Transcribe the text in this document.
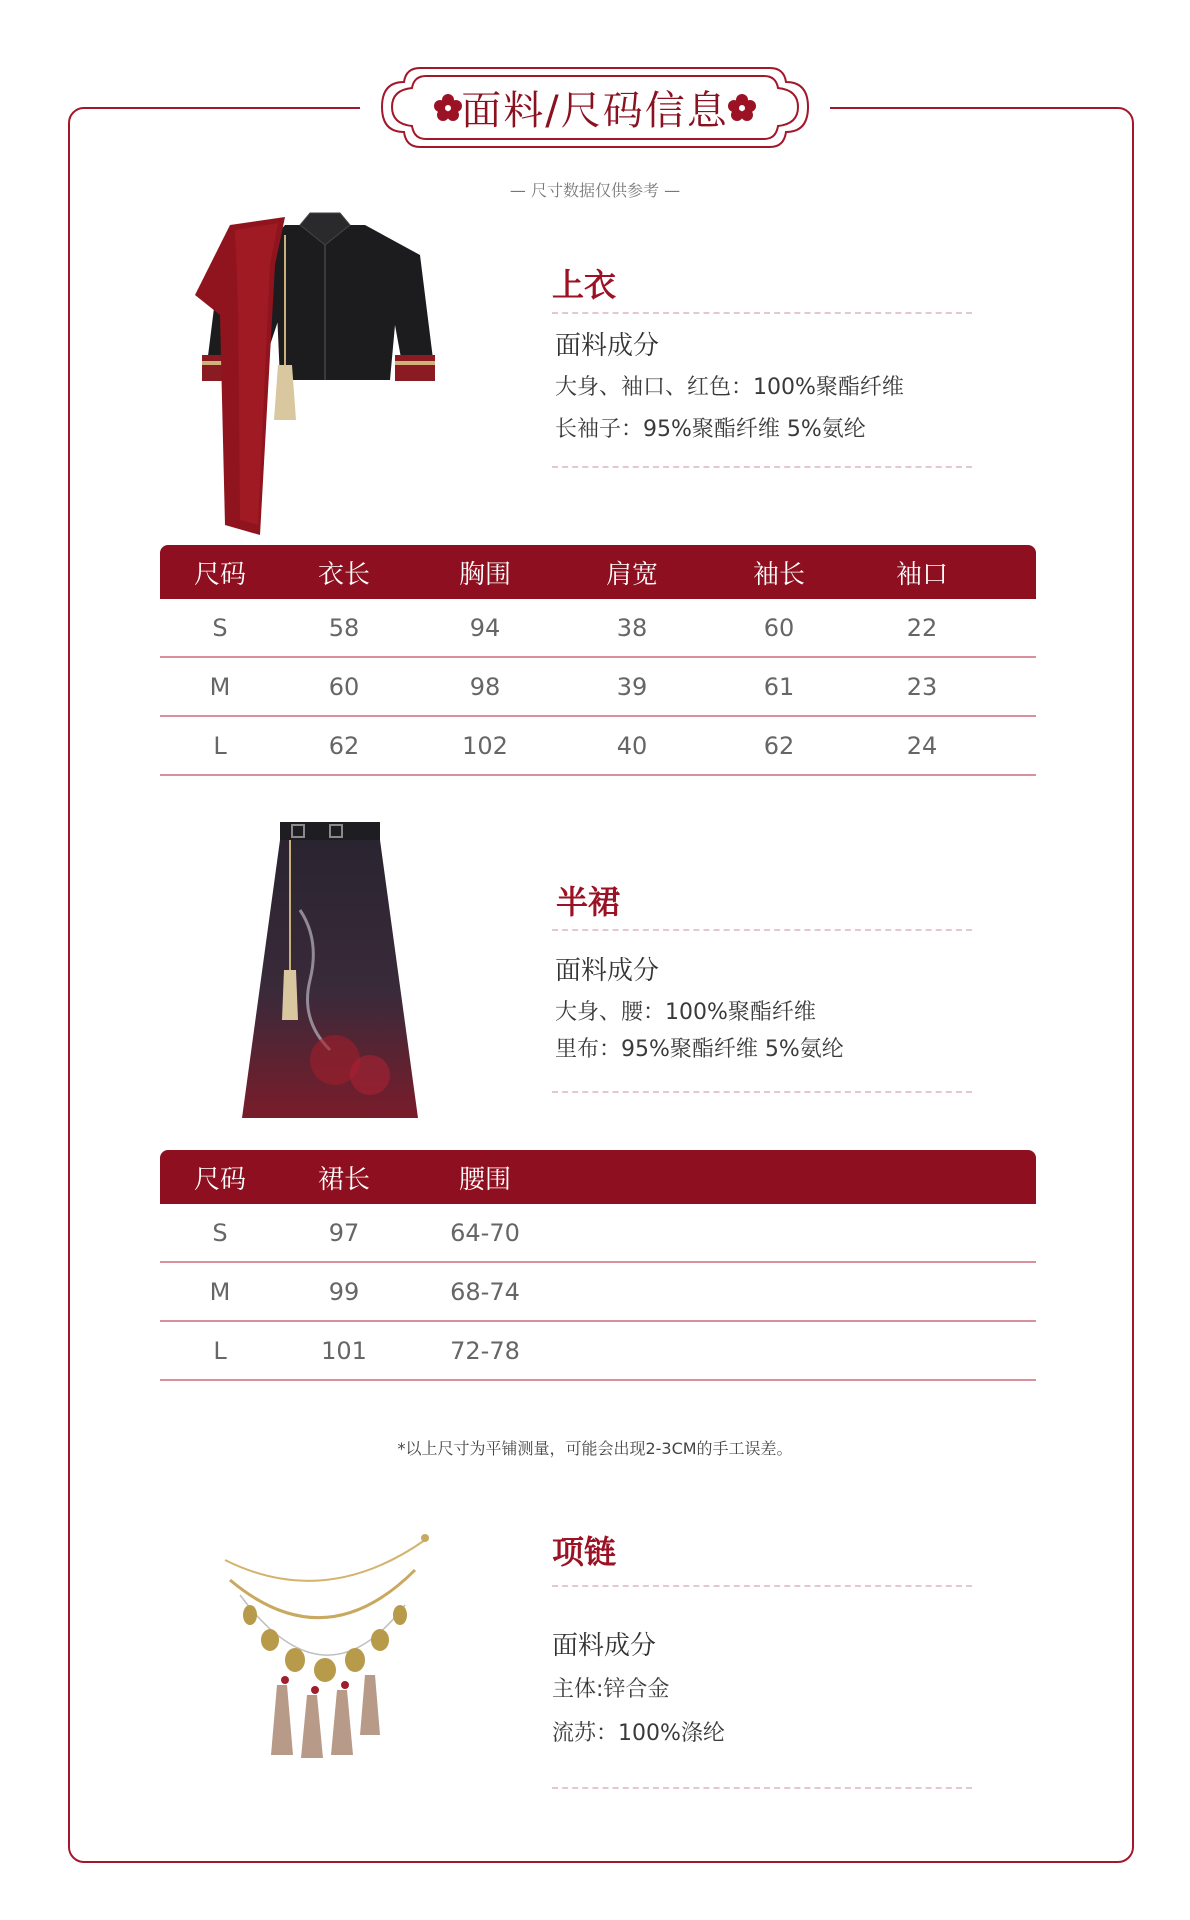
面料/尺码信息
— 尺寸数据仅供参考 —
上衣
面料成分
大身、袖口、红色：100%聚酯纤维
长袖子：95%聚酯纤维 5%氨纶
尺码	衣长	胸围	肩宽	袖长	袖口
S	58	94	38	60	22
M	60	98	39	61	23
L	62	102	40	62	24
半裙
面料成分
大身、腰：100%聚酯纤维
里布：95%聚酯纤维 5%氨纶
尺码	裙长	腰围
S	97	64-70
M	99	68-74
L	101	72-78
*以上尺寸为平铺测量，可能会出现2-3CM的手工误差。
项链
面料成分
主体:锌合金
流苏：100%涤纶
